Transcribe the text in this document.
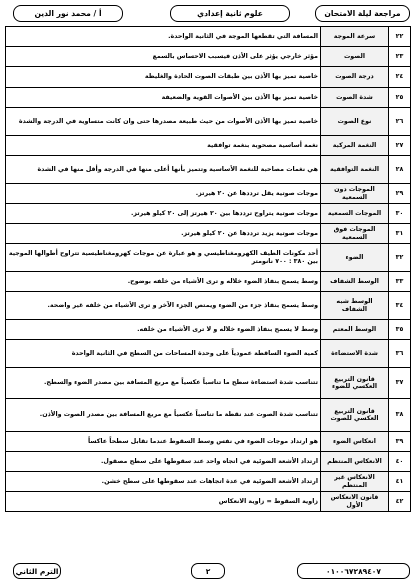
مراجعة ليلة الامتحان
علوم ثانية إعدادي
أ / محمد نور الدين
٢٢	سرعة الموجة	المسافة التي تقطعها الموجة في الثانية الواحدة.
٢٣	الصوت	مؤثر خارجي يؤثر على الأذن فيسبب الاحساس بالسمع
٢٤	درجة الصوت	خاصية تميز بها الأذن بين طبقات الصوت الحادة والغليظة
٢٥	شدة الصوت	خاصية تميز بها الأذن بين الأصوات القوية والضعيفة
٢٦	نوع الصوت	خاصية تميز بها الأذن الأصوات من حيث طبيعة مصدرها حتى وان كانت متساوية في الدرجة والشدة
٢٧	النغمة المركبة	نغمة أساسية مصحوبة بنغمة توافقية
٢٨	النغمة التوافقية	هي نغمات مصاحبة للنغمة الأساسية وتتميز بأنها أعلى منها في الدرجة وأقل منها في الشدة
٢٩	الموجات دون السمعية	موجات صوتية يقل ترددها عن ٢٠ هيرتز.
٣٠	الموجات السمعية	موجات صوتية يتراوح ترددها بين ٢٠ هيرتز إلى ٢٠ كيلو هيرتز.
٣١	الموجات فوق السمعية	موجات صوتية يزيد ترددها عن ٢٠ كيلو هيرتز.
٣٢	الضوء	أحد مكونات الطيف الكهرومغناطيسي و هو عبارة عن موجات كهرومغناطيسية تتراوح أطوالها الموجية بين ٣٨٠ : ٧٠٠ نانومتر
٣٣	الوسط الشفاف	وسط يسمح بنفاذ الضوء خلاله و ترى الأشياء من خلفه بوضوح.
٣٤	الوسط شبه الشفاف	وسط يسمح بنفاذ جزء من الضوء ويمتص الجزء الآخر و ترى الأشياء من خلفه غير واضحة.
٣٥	الوسط المعتم	وسط لا يسمح بنفاذ الضوء خلاله و لا ترى الأشياء من خلفه.
٣٦	شدة الاستضاءة	كمية الضوء الساقطة عمودياً على وحدة المساحات من السطح في الثانية الواحدة
٣٧	قانون التربيع العكسي للضوء	تتناسب شدة استضاءة سطح ما تناسباً عكسياً مع مربع المسافة بين مصدر الضوء والسطح.
٣٨	قانون التربيع العكسي للصوت	تتناسب شدة الصوت عند نقطة ما تناسباً عكسياً مع مربع المسافة بين مصدر الصوت والأذن.
٣٩	انعكاس الضوء	هو ارتداد موجات الضوء في نفس وسط السقوط عندما تقابل سطحاً عاكساً
٤٠	الانعكاس المنتظم	ارتداد الأشعة الضوئية في اتجاه واحد عند سقوطها على سطح مصقول.
٤١	الانعكاس غير المنتظم	ارتداد الأشعة الضوئية في عدة اتجاهات عند سقوطها على سطح خشن.
٤٢	قانون الانعكاس الأول	زاوية السقوط = زاوية الانعكاس
٠١٠٠٦٧٢٨٩٤٠٧
٢
الترم الثاني
